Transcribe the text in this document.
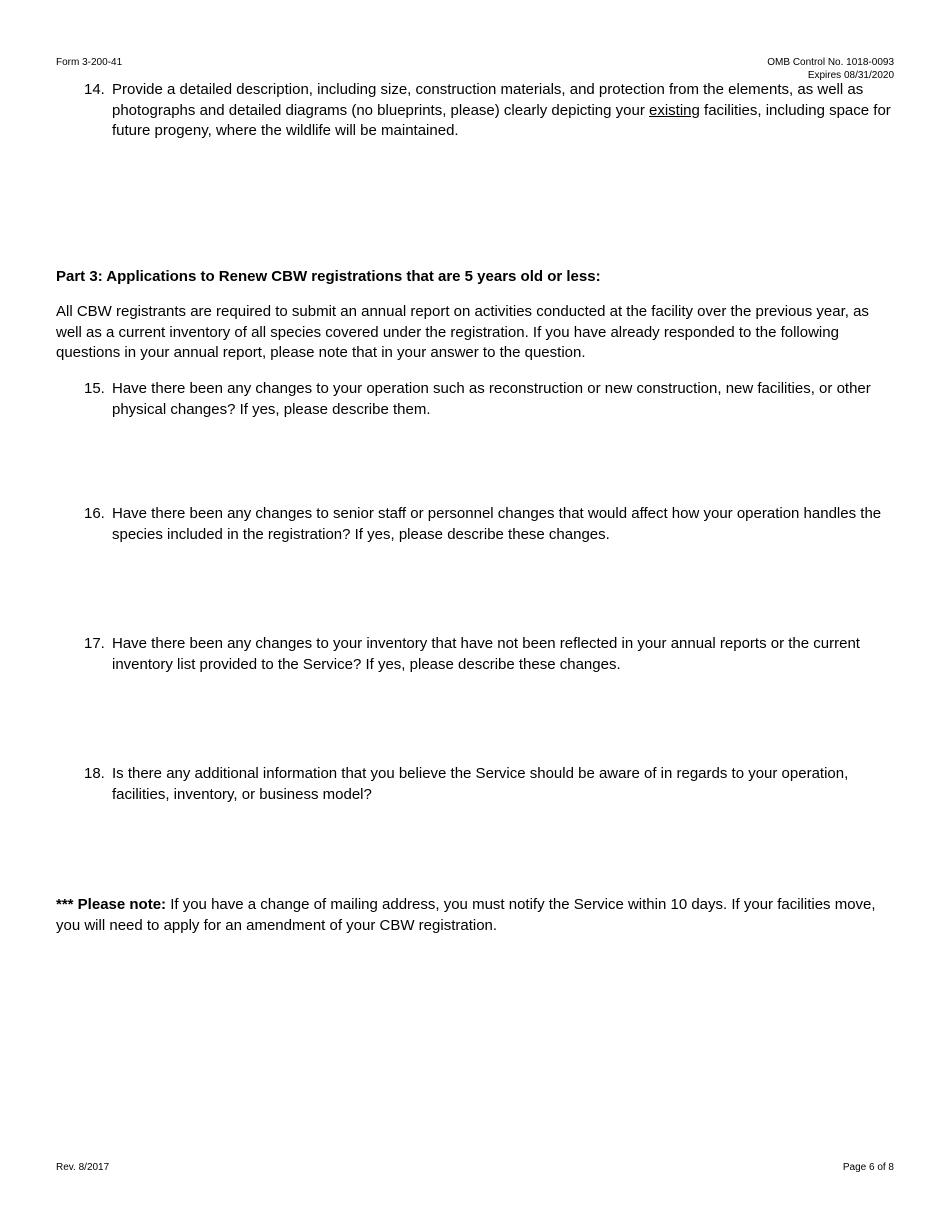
Form 3-200-41	OMB Control No. 1018-0093
Expires 08/31/2020
14. Provide a detailed description, including size, construction materials, and protection from the elements, as well as photographs and detailed diagrams (no blueprints, please) clearly depicting your existing facilities, including space for future progeny, where the wildlife will be maintained.
Part 3: Applications to Renew CBW registrations that are 5 years old or less:
All CBW registrants are required to submit an annual report on activities conducted at the facility over the previous year, as well as a current inventory of all species covered under the registration. If you have already responded to the following questions in your annual report, please note that in your answer to the question.
15. Have there been any changes to your operation such as reconstruction or new construction, new facilities, or other physical changes? If yes, please describe them.
16. Have there been any changes to senior staff or personnel changes that would affect how your operation handles the species included in the registration? If yes, please describe these changes.
17. Have there been any changes to your inventory that have not been reflected in your annual reports or the current inventory list provided to the Service? If yes, please describe these changes.
18. Is there any additional information that you believe the Service should be aware of in regards to your operation, facilities, inventory, or business model?
*** Please note: If you have a change of mailing address, you must notify the Service within 10 days. If your facilities move, you will need to apply for an amendment of your CBW registration.
Rev. 8/2017	Page 6 of 8
